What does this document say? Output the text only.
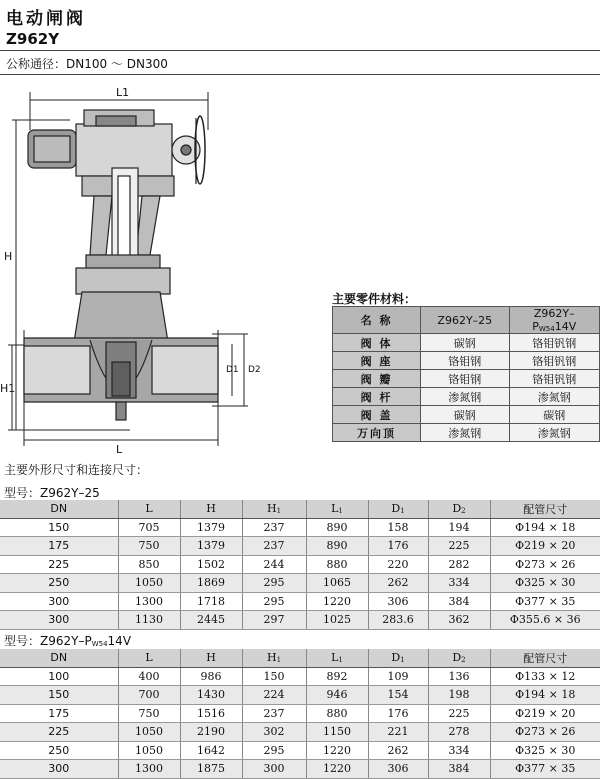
电动闸阀
Z962Y
公称通径：DN100 ～ DN300
L1
H
H1
L
D1 D2
主要零件材料：
名 称	Z962Y–25	Z962Y–PW5414V
阀 体	碳钢	铬钼钒钢
阀 座	铬钼钢	铬钼钒钢
阀 瓣	铬钼钢	铬钼钒钢
阀 杆	渗氮钢	渗氮钢
阀 盖	碳钢	碳钢
万向顶	渗氮钢	渗氮钢
主要外形尺寸和连接尺寸：
型号：Z962Y–25
DN	L	H	H1	L1	D1	D2	配管尺寸
150	705	1379	237	890	158	194	Φ194 × 18
175	750	1379	237	890	176	225	Φ219 × 20
225	850	1502	244	880	220	282	Φ273 × 26
250	1050	1869	295	1065	262	334	Φ325 × 30
300	1300	1718	295	1220	306	384	Φ377 × 35
300	1130	2445	297	1025	283.6	362	Φ355.6 × 36
型号：Z962Y–PW5414V
DN	L	H	H1	L1	D1	D2	配管尺寸
100	400	986	150	892	109	136	Φ133 × 12
150	700	1430	224	946	154	198	Φ194 × 18
175	750	1516	237	880	176	225	Φ219 × 20
225	1050	2190	302	1150	221	278	Φ273 × 26
250	1050	1642	295	1220	262	334	Φ325 × 30
300	1300	1875	300	1220	306	384	Φ377 × 35
